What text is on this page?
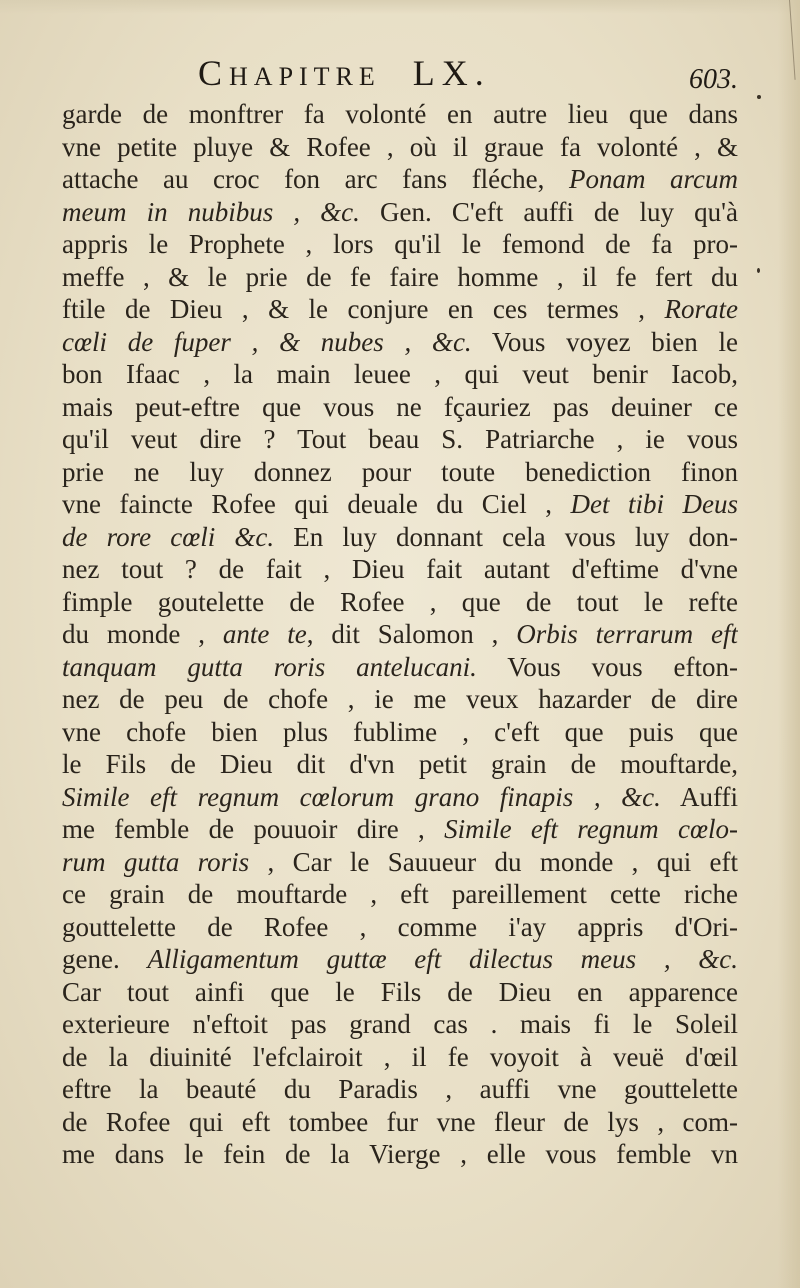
CHAPITRE LX.	603.
garde de monftrer fa volonté en autre lieu que dans
vne petite pluye & Rofee , où il graue fa volonté , &
attache au croc fon arc fans fléche, Ponam arcum
meum in nubibus , &c. Gen. C'eft auffi de luy qu'à
appris le Prophete , lors qu'il le femond de fa pro-
meffe , & le prie de fe faire homme , il fe fert du
ftile de Dieu , & le conjure en ces termes , Rorate
cœli de fuper , & nubes , &c. Vous voyez bien le
bon Ifaac , la main leuee , qui veut benir Iacob,
mais peut-eftre que vous ne fçauriez pas deuiner ce
qu'il veut dire ? Tout beau S. Patriarche , ie vous
prie ne luy donnez pour toute benediction finon
vne faincte Rofee qui deuale du Ciel , Det tibi Deus
de rore cœli &c. En luy donnant cela vous luy don-
nez tout ? de fait , Dieu fait autant d'eftime d'vne
fimple goutelette de Rofee , que de tout le refte
du monde , ante te, dit Salomon , Orbis terrarum eft
tanquam gutta roris antelucani. Vous vous efton-
nez de peu de chofe , ie me veux hazarder de dire
vne chofe bien plus fublime , c'eft que puis que
le Fils de Dieu dit d'vn petit grain de mouftarde,
Simile eft regnum cœlorum grano finapis , &c. Auffi
me femble de pouuoir dire , Simile eft regnum cœlo-
rum gutta roris , Car le Sauueur du monde , qui eft
ce grain de mouftarde , eft pareillement cette riche
gouttelette de Rofee , comme i'ay appris d'Ori-
gene. Alligamentum guttæ eft dilectus meus , &c.
Car tout ainfi que le Fils de Dieu en apparence
exterieure n'eftoit pas grand cas . mais fi le Soleil
de la diuinité l'efclairoit , il fe voyoit à veuë d'œil
eftre la beauté du Paradis , auffi vne gouttelette
de Rofee qui eft tombee fur vne fleur de lys , com-
me dans le fein de la Vierge , elle vous femble vn
